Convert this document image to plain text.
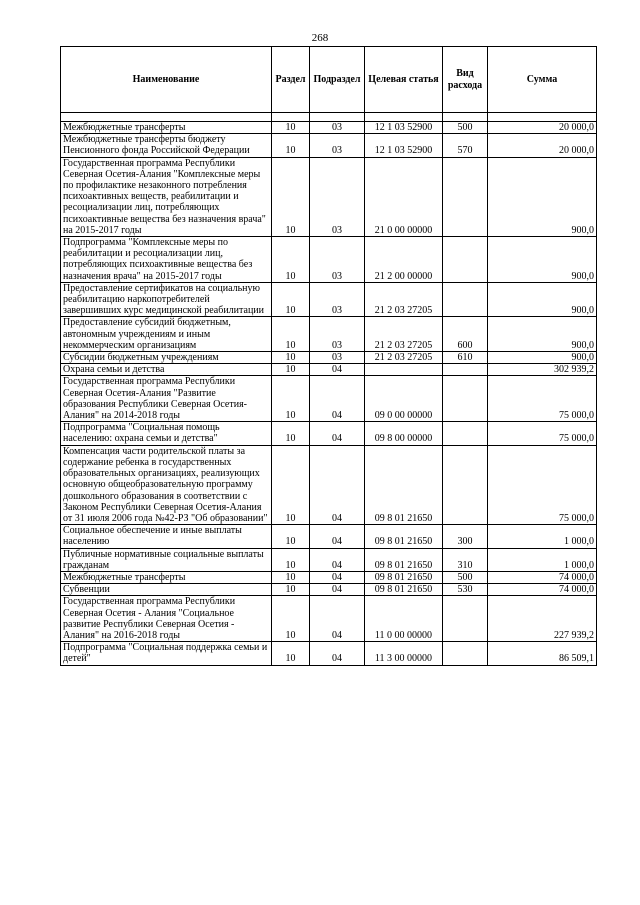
268
Наименование	Раздел	Подраздел	Целевая статья	Вид расхода	Сумма

Межбюджетные трансферты	10	03	12 1 03 52900	500	20 000,0
Межбюджетные трансферты бюджету Пенсионного фонда Российской Федерации	10	03	12 1 03 52900	570	20 000,0
Государственная программа Республики Северная Осетия-Алания "Комплексные меры по профилактике незаконного потребления психоактивных веществ, реабилитации и ресоциализации лиц, потребляющих психоактивные вещества без назначения врача" на 2015-2017 годы	10	03	21 0 00 00000		900,0
Подпрограмма "Комплексные меры по реабилитации и ресоциализации лиц, потребляющих психоактивные вещества без назначения врача" на 2015-2017 годы	10	03	21 2 00 00000		900,0
Предоставление сертификатов на социальную реабилитацию наркопотребителей завершивших курс медицинской реабилитации	10	03	21 2 03 27205		900,0
Предоставление субсидий бюджетным, автономным учреждениям и иным некоммерческим организациям	10	03	21 2 03 27205	600	900,0
Субсидии бюджетным учреждениям	10	03	21 2 03 27205	610	900,0
Охрана семьи и детства	10	04			302 939,2
Государственная программа Республики Северная Осетия-Алания "Развитие образования Республики Северная Осетия-Алания" на 2014-2018 годы	10	04	09 0 00 00000		75 000,0
Подпрограмма "Социальная помощь населению: охрана семьи и детства"	10	04	09 8 00 00000		75 000,0
Компенсация части родительской платы за содержание ребенка в государственных образовательных организациях, реализующих основную общеобразовательную программу дошкольного образования в соответствии с Законом Республики Северная Осетия-Алания от 31 июля 2006 года №42-РЗ "Об образовании"	10	04	09 8 01 21650		75 000,0
Социальное обеспечение и иные выплаты населению	10	04	09 8 01 21650	300	1 000,0
Публичные нормативные социальные выплаты гражданам	10	04	09 8 01 21650	310	1 000,0
Межбюджетные трансферты	10	04	09 8 01 21650	500	74 000,0
Субвенции	10	04	09 8 01 21650	530	74 000,0
Государственная программа Республики Северная Осетия - Алания "Социальное развитие Республики Северная Осетия - Алания" на 2016-2018 годы	10	04	11 0 00 00000		227 939,2
Подпрограмма "Социальная поддержка семьи и детей"	10	04	11 3 00 00000		86 509,1
